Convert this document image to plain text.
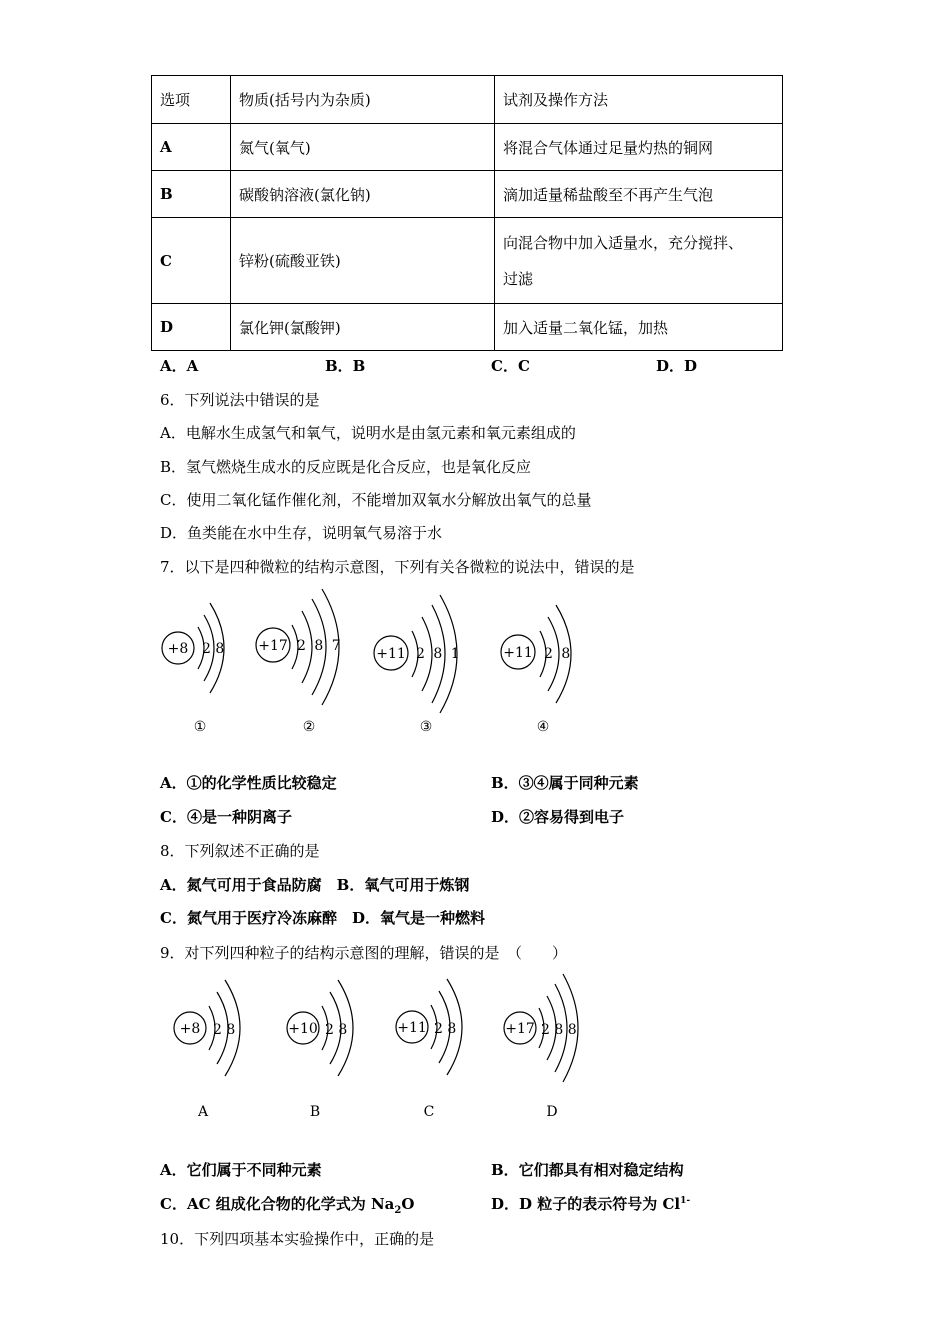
选项	物质(括号内为杂质)	试剂及操作方法
A	氮气(氧气)	将混合气体通过足量灼热的铜网
B	碳酸钠溶液(氯化钠)	滴加适量稀盐酸至不再产生气泡
C	锌粉(硫酸亚铁)	向混合物中加入适量水，充分搅拌、
过滤

D	氯化钾(氯酸钾)	加入适量二氧化锰，加热
A．A	B．B	C．C	D．D
6．下列说法中错误的是
A．电解水生成氢气和氧气，说明水是由氢元素和氧元素组成的
B．氢气燃烧生成水的反应既是化合反应，也是氧化反应
C．使用二氧化锰作催化剂，不能增加双氧水分解放出氧气的总量
D．鱼类能在水中生存，说明氧气易溶于水
7．以下是四种微粒的结构示意图，下列有关各微粒的说法中，错误的是
+8 2 8
①
+17 2 8 7
②
+11 2 8 1
③
+11 2 8
④
A．①的化学性质比较稳定	B．③④属于同种元素
C．④是一种阴离子	D．②容易得到电子
8．下列叙述不正确的是
A．氮气可用于食品防腐　B．氧气可用于炼钢
C．氮气用于医疗冷冻麻醉　D．氧气是一种燃料
9．对下列四种粒子的结构示意图的理解，错误的是　（　　）
+8 2 8
A
+10 2 8
B
+11 2 8
C
+17 2 8 8
D
A．它们属于不同种元素	B．它们都具有相对稳定结构
C．AC 组成化合物的化学式为 $Na_2O$	D．D 粒子的表示符号为 $Cl^{1-}$
10．下列四项基本实验操作中，正确的是
